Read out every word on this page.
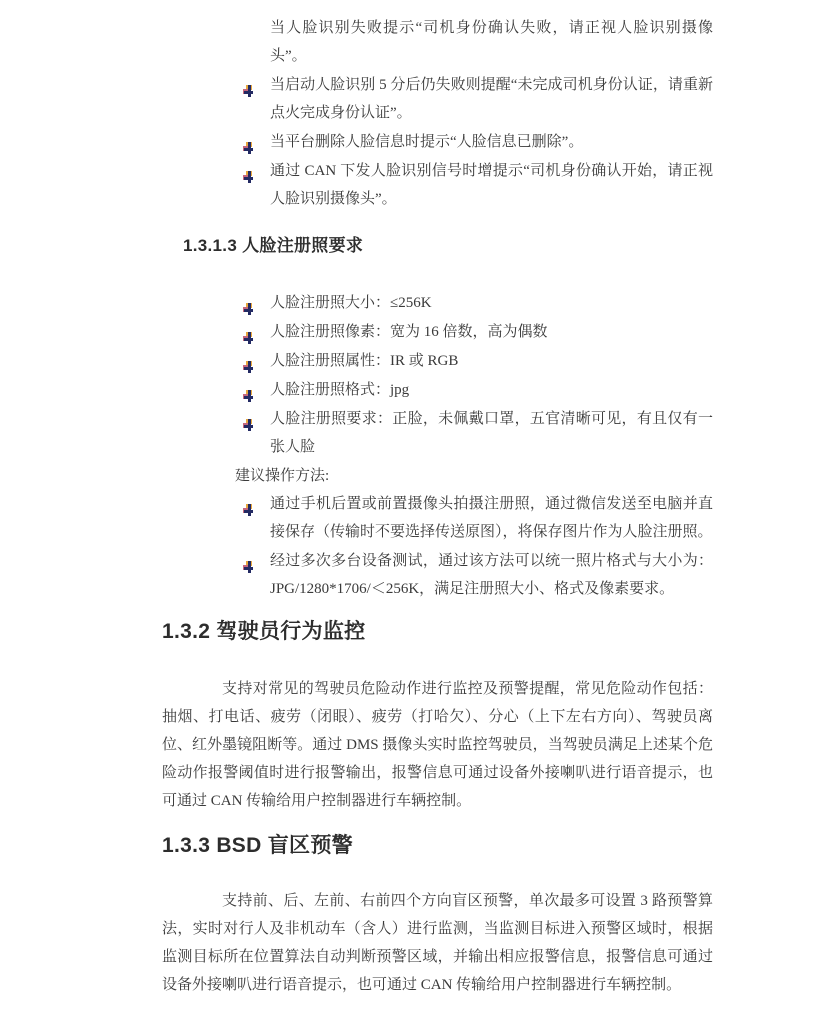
当人脸识别失败提示“司机身份确认失败，请正视人脸识别摄像头”。
当启动人脸识别 5 分后仍失败则提醒“未完成司机身份认证，请重新点火完成身份认证”。
当平台删除人脸信息时提示“人脸信息已删除”。
通过 CAN 下发人脸识别信号时增提示“司机身份确认开始，请正视人脸识别摄像头”。
1.3.1.3 人脸注册照要求
人脸注册照大小：≤256K
人脸注册照像素：宽为 16 倍数，高为偶数
人脸注册照属性：IR 或 RGB
人脸注册照格式：jpg
人脸注册照要求：正脸，未佩戴口罩，五官清晰可见，有且仅有一张人脸
建议操作方法:
通过手机后置或前置摄像头拍摄注册照，通过微信发送至电脑并直接保存（传输时不要选择传送原图），将保存图片作为人脸注册照。
经过多次多台设备测试，通过该方法可以统一照片格式与大小为：JPG/1280*1706/＜256K，满足注册照大小、格式及像素要求。
1.3.2 驾驶员行为监控

支持对常见的驾驶员危险动作进行监控及预警提醒，常见危险动作包括：抽烟、打电话、疲劳（闭眼）、疲劳（打哈欠）、分心（上下左右方向）、驾驶员离位、红外墨镜阻断等。通过 DMS 摄像头实时监控驾驶员，当驾驶员满足上述某个危险动作报警阈值时进行报警输出，报警信息可通过设备外接喇叭进行语音提示，也可通过 CAN 传输给用户控制器进行车辆控制。

1.3.3 BSD 盲区预警

支持前、后、左前、右前四个方向盲区预警，单次最多可设置 3 路预警算法，实时对行人及非机动车（含人）进行监测，当监测目标进入预警区域时，根据监测目标所在位置算法自动判断预警区域，并输出相应报警信息，报警信息可通过设备外接喇叭进行语音提示，也可通过 CAN 传输给用户控制器进行车辆控制。
